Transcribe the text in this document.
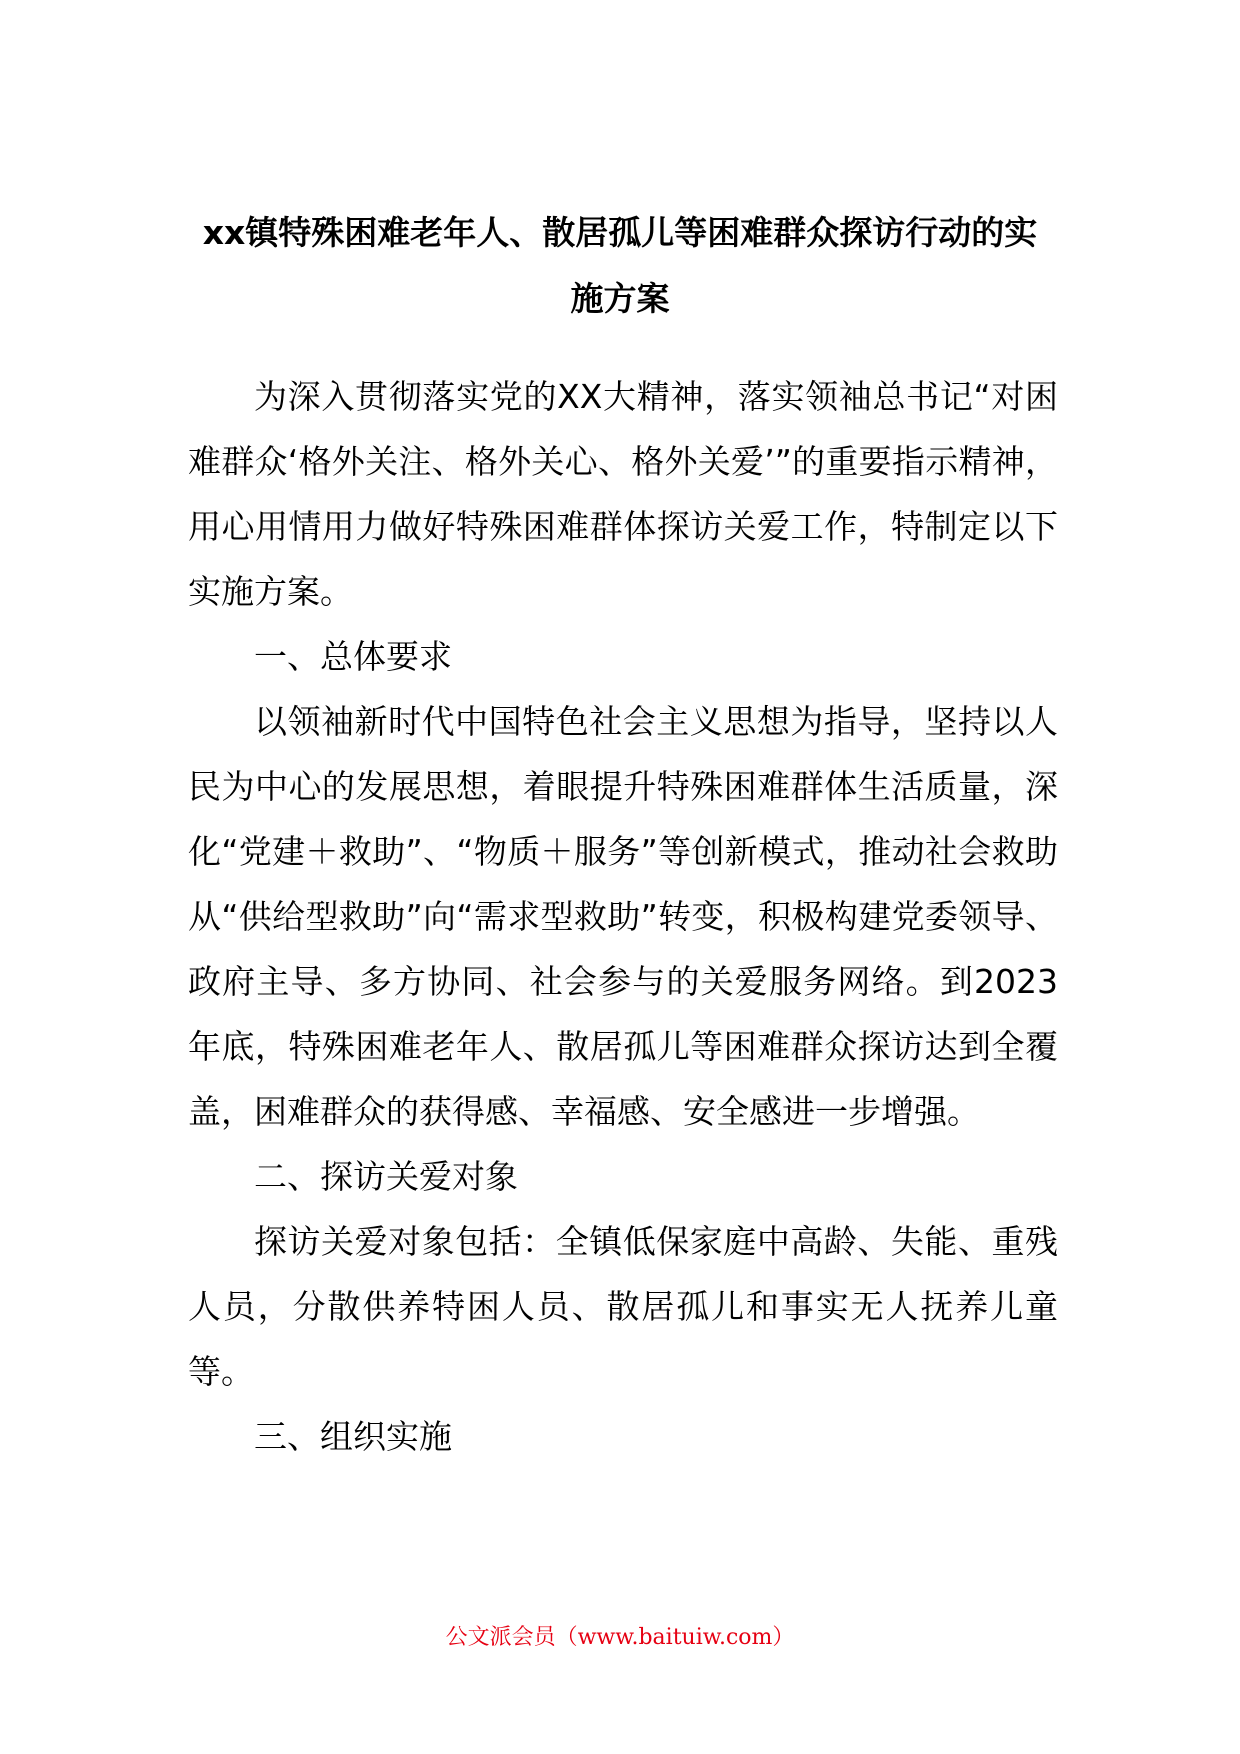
xx镇特殊困难老年人、散居孤儿等困难群众探访行动的实
施方案

为深入贯彻落实党的XX大精神，落实领袖总书记“对困难群众‘格外关注、格外关心、格外关爱’”的重要指示精神，用心用情用力做好特殊困难群体探访关爱工作，特制定以下实施方案。

一、总体要求

以领袖新时代中国特色社会主义思想为指导，坚持以人民为中心的发展思想，着眼提升特殊困难群体生活质量，深化“党建＋救助”、“物质＋服务”等创新模式，推动社会救助从“供给型救助”向“需求型救助”转变，积极构建党委领导、政府主导、多方协同、社会参与的关爱服务网络。到2023年底，特殊困难老年人、散居孤儿等困难群众探访达到全覆盖，困难群众的获得感、幸福感、安全感进一步增强。

二、探访关爱对象

探访关爱对象包括：全镇低保家庭中高龄、失能、重残人员，分散供养特困人员、散居孤儿和事实无人抚养儿童等。

三、组织实施

公文派会员（www.baituiw.com）
